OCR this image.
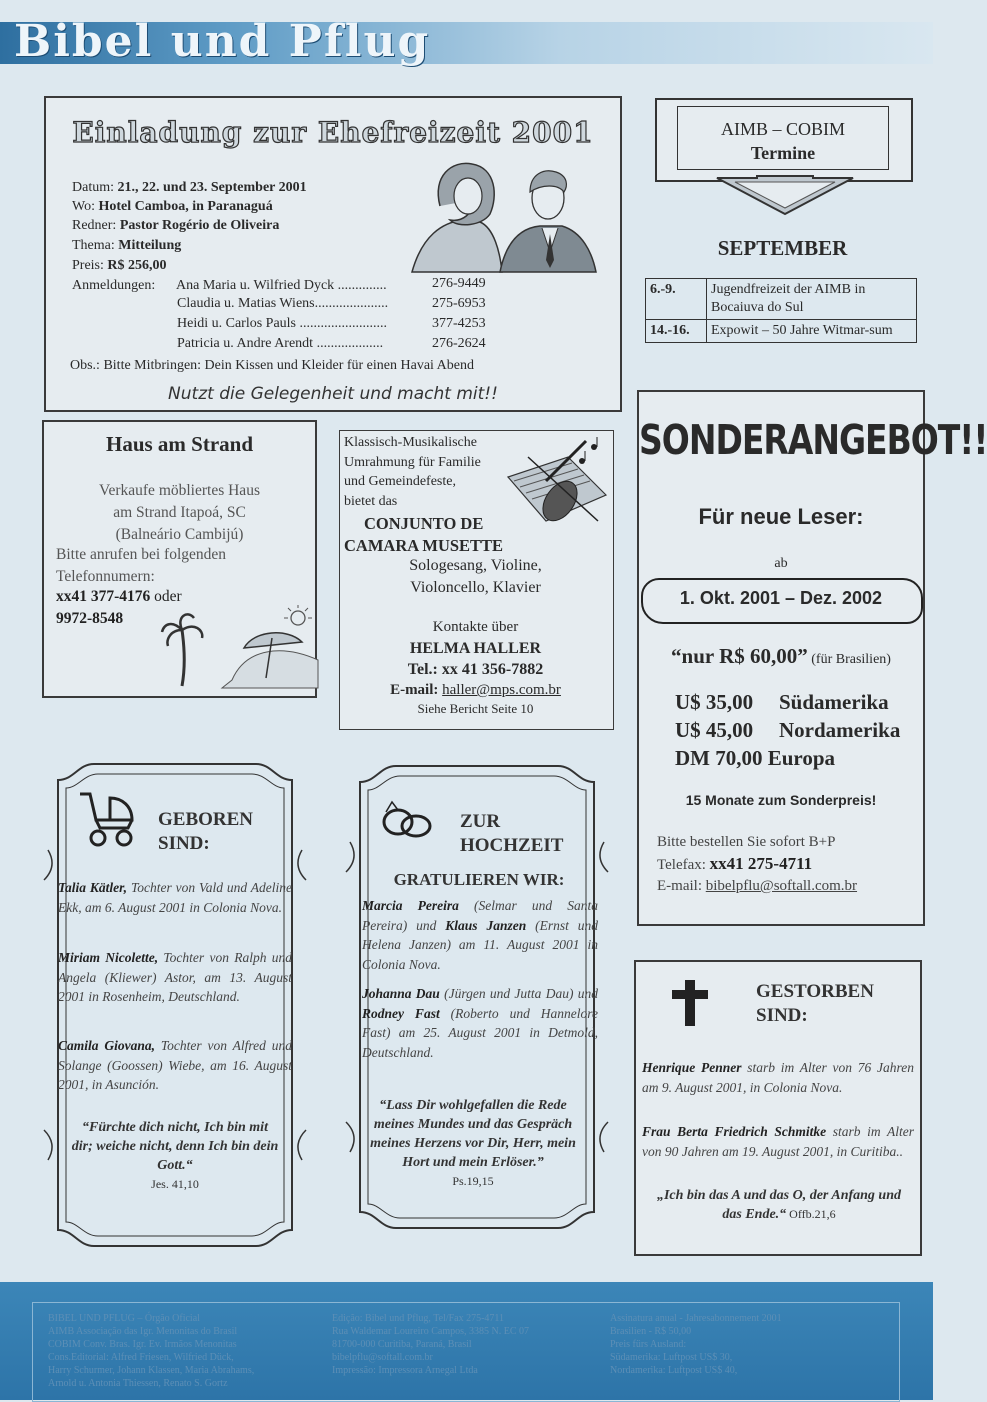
Bibel und Pflug
Einladung zur Ehefreizeit 2001
Datum: 21., 22. und 23. September 2001
Wo: Hotel Camboa, in Paranaguá
Redner: Pastor Rogério de Oliveira
Thema: Mitteilung
Preis: R$ 256,00
Anmeldungen: Ana Maria u. Wilfried Dyck ..............	276-9449
Claudia u. Matias Wiens.....................	275-6953
Heidi u. Carlos Pauls .........................	377-4253
Patricia u. Andre Arendt ...................	276-2624
Obs.: Bitte Mitbringen: Dein Kissen und Kleider für einen Havai Abend
Nutzt die Gelegenheit und macht mit!!
AIMB – COBIM
Termine
SEPTEMBER
6.-9.	Jugendfreizeit der AIMB in Bocaiuva do Sul
14.-16.	Expowit – 50 Jahre Witmar-sum
Haus am Strand
Verkaufe möbliertes Haus
am Strand Itapoá, SC
(Balneário Cambijú)
Bitte anrufen bei folgenden
Telefonnumern:
xx41 377-4176 oder
9972-8548
Klassisch-Musikalische
Umrahmung für Familie
und Gemeindefeste,
bietet das
CONJUNTO DE
CAMARA MUSETTE
Sologesang, Violine,
Violoncello, Klavier
Kontakte über
HELMA HALLER
Tel.: xx 41 356-7882
E-mail: haller@mps.com.br
Siehe Bericht Seite 10
SONDERANGEBOT!!
Für neue Leser:
ab
1. Okt. 2001 – Dez. 2002
“nur R$ 60,00” (für Brasilien)
U$ 35,00 Südamerika
U$ 45,00 Nordamerika
DM 70,00 Europa
15 Monate zum Sonderpreis!
Bitte bestellen Sie sofort B+P
Telefax: xx41 275-4711
E-mail: bibelpflu@softall.com.br
GEBOREN
SIND:
Talia Kätler, Tochter von Vald und Adeline Ekk, am 6. August 2001 in Colonia Nova.
Miriam Nicolette, Tochter von Ralph und Angela (Kliewer) Astor, am 13. August 2001 in Rosenheim, Deutschland.
Camila Giovana, Tochter von Alfred und Solange (Goossen) Wiebe, am 16. August 2001, in Asunción.
“Fürchte dich nicht, Ich bin mit dir; weiche nicht, denn Ich bin dein Gott.“
Jes. 41,10
ZUR
HOCHZEIT
GRATULIEREN WIR:
Marcia Pereira (Selmar und Santa Pereira) und Klaus Janzen (Ernst und Helena Janzen) am 11. August 2001 in Colonia Nova.
Johanna Dau (Jürgen und Jutta Dau) und Rodney Fast (Roberto und Hannelore Fast) am 25. August 2001 in Detmold, Deutschland.
“Lass Dir wohlgefallen die Rede meines Mundes und das Gespräch meines Herzens vor Dir, Herr, mein Hort und mein Erlöser.”
Ps.19,15
GESTORBEN
SIND:
Henrique Penner starb im Alter von 76 Jahren am 9. August 2001, in Colonia Nova.
Frau Berta Friedrich Schmitke starb im Alter von 90 Jahren am 19. August 2001, in Curitiba..
„Ich bin das A und das O, der Anfang und das Ende.“ Offb.21,6
BIBEL UND PFLUG – Órgão Oficial
AIMB Associação das Igr. Menonitas do Brasil
COBIM Conv. Bras. Igr. Ev. Irmãos Menonitas
Cons.Editorial: Alfred Friesen, Wilfried Dück,
Harry Schurmer, Johann Klassen, Maria Abrahams,
Arnold u. Antonia Thiessen, Renato S. Gortz
Edição: Bibel und Pflug, Tel/Fax 275-4711
Rua Waldemar Loureiro Campos, 3385 N. EC 07
81700-000 Curitiba, Paraná, Brasil
bibelpflu@softall.com.br
Impressão: Impressora Arnegal Ltda
Assinatura anual - Jahresabonnement 2001
Brasilien - R$ 50,00
Preis fürs Ausland:
Südamerika: Luftpost US$ 30,
Nordamerika: Luftpost US$ 40,
